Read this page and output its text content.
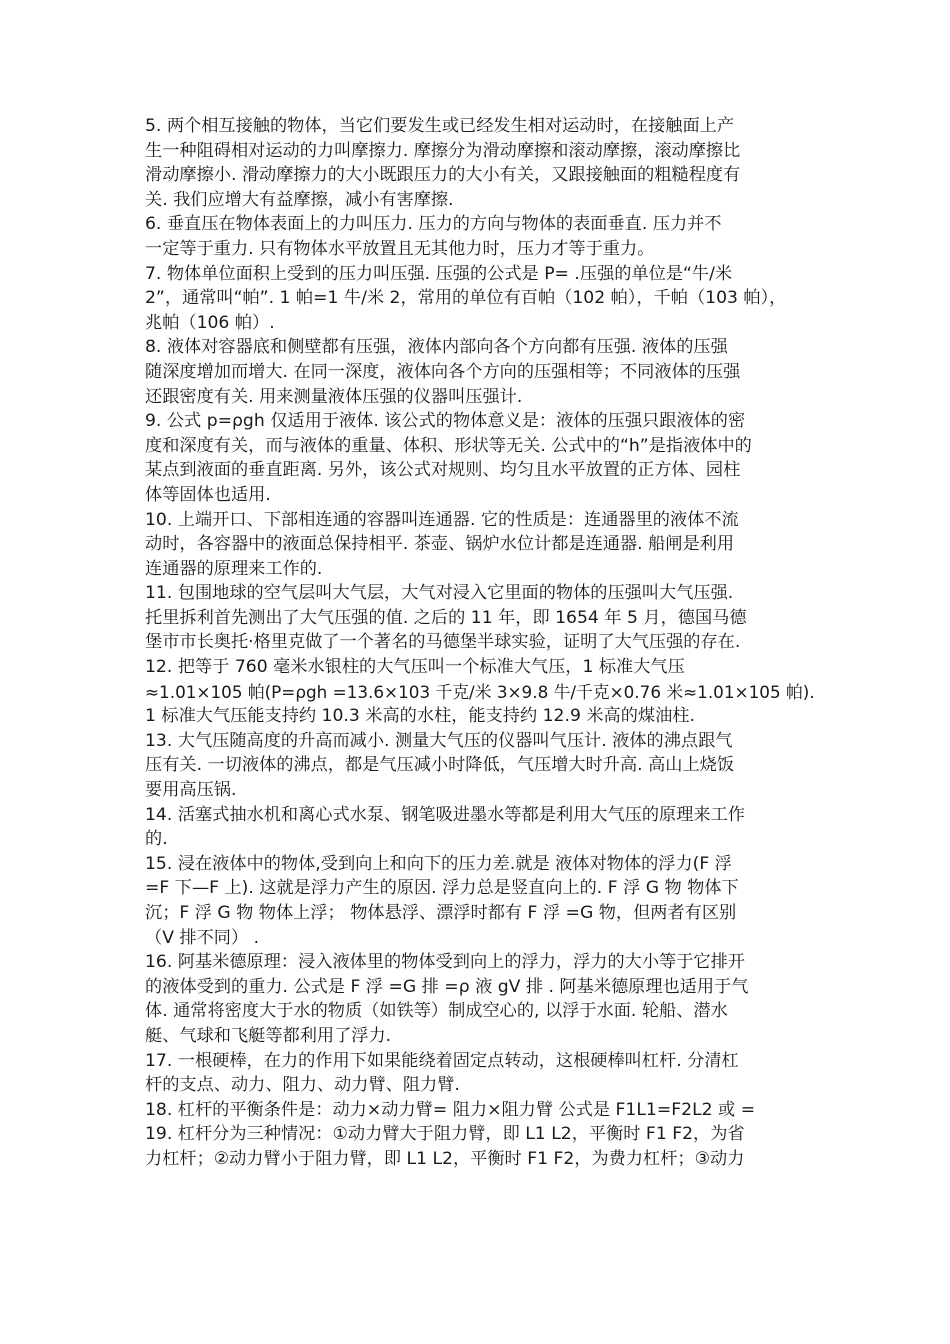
5. 两个相互接触的物体，当它们要发生或已经发生相对运动时，在接触面上产
生一种阻碍相对运动的力叫摩擦力. 摩擦分为滑动摩擦和滚动摩擦，滚动摩擦比
滑动摩擦小. 滑动摩擦力的大小既跟压力的大小有关，又跟接触面的粗糙程度有
关. 我们应增大有益摩擦，减小有害摩擦.
6. 垂直压在物体表面上的力叫压力. 压力的方向与物体的表面垂直. 压力并不
一定等于重力. 只有物体水平放置且无其他力时，压力才等于重力。
7. 物体单位面积上受到的压力叫压强. 压强的公式是 P= .压强的单位是“牛/米
2”，通常叫“帕”. 1 帕=1 牛/米 2，常用的单位有百帕（102 帕），千帕（103 帕），
兆帕（106 帕）.
8. 液体对容器底和侧壁都有压强，液体内部向各个方向都有压强. 液体的压强
随深度增加而增大. 在同一深度，液体向各个方向的压强相等；不同液体的压强
还跟密度有关. 用来测量液体压强的仪器叫压强计.
9. 公式 p=ρgh 仅适用于液体. 该公式的物体意义是：液体的压强只跟液体的密
度和深度有关，而与液体的重量、体积、形状等无关. 公式中的“h”是指液体中的
某点到液面的垂直距离. 另外，该公式对规则、均匀且水平放置的正方体、园柱
体等固体也适用.
10. 上端开口、下部相连通的容器叫连通器. 它的性质是：连通器里的液体不流
动时，各容器中的液面总保持相平. 茶壶、锅炉水位计都是连通器. 船闸是利用
连通器的原理来工作的.
11. 包围地球的空气层叫大气层，大气对浸入它里面的物体的压强叫大气压强.
托里拆利首先测出了大气压强的值. 之后的 11 年，即 1654 年 5 月，德国马德
堡市市长奥托·格里克做了一个著名的马德堡半球实验，证明了大气压强的存在.
12. 把等于 760 毫米水银柱的大气压叫一个标准大气压，1 标准大气压
≈1.01×105 帕(P=ρgh =13.6×103 千克/米 3×9.8 牛/千克×0.76 米≈1.01×105 帕).
1 标准大气压能支持约 10.3 米高的水柱，能支持约 12.9 米高的煤油柱.
13. 大气压随高度的升高而减小. 测量大气压的仪器叫气压计. 液体的沸点跟气
压有关. 一切液体的沸点，都是气压减小时降低，气压增大时升高. 高山上烧饭
要用高压锅.
14. 活塞式抽水机和离心式水泵、钢笔吸进墨水等都是利用大气压的原理来工作
的.
15. 浸在液体中的物体,受到向上和向下的压力差.就是 液体对物体的浮力(F 浮
=F 下—F 上). 这就是浮力产生的原因. 浮力总是竖直向上的. F 浮 G 物 物体下
沉；F 浮 G 物 物体上浮； 物体悬浮、漂浮时都有 F 浮 =G 物，但两者有区别
（V 排不同） .
16. 阿基米德原理：浸入液体里的物体受到向上的浮力，浮力的大小等于它排开
的液体受到的重力. 公式是 F 浮 =G 排 =ρ 液 gV 排 . 阿基米德原理也适用于气
体. 通常将密度大于水的物质（如铁等）制成空心的, 以浮于水面. 轮船、潜水
艇、气球和飞艇等都利用了浮力.
17. 一根硬棒，在力的作用下如果能绕着固定点转动，这根硬棒叫杠杆. 分清杠
杆的支点、动力、阻力、动力臂、阻力臂.
18. 杠杆的平衡条件是：动力×动力臂= 阻力×阻力臂 公式是 F1L1=F2L2 或 =
19. 杠杆分为三种情况：①动力臂大于阻力臂，即 L1 L2，平衡时 F1 F2，为省
力杠杆；②动力臂小于阻力臂，即 L1 L2，平衡时 F1 F2，为费力杠杆；③动力
